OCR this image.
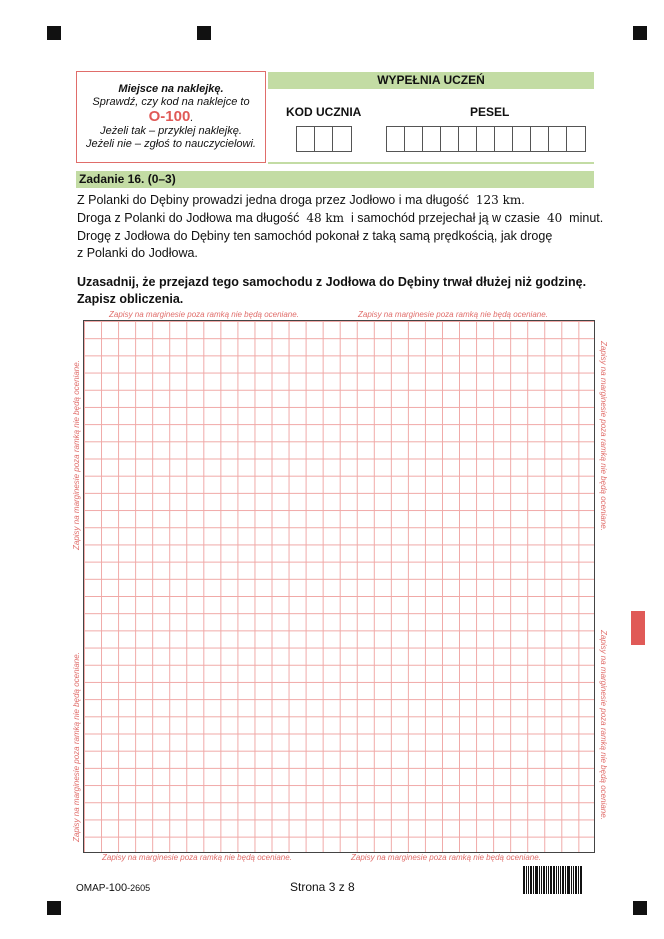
Miejsce na naklejkę.
Sprawdź, czy kod na naklejce to
O-100.
Jeżeli tak – przyklej naklejkę.
Jeżeli nie – zgłoś to nauczycielowi.
WYPEŁNIA UCZEŃ
KOD UCZNIA	PESEL
Zadanie 16. (0–3)
Z Polanki do Dębiny prowadzi jedna droga przez Jodłowo i ma długość 123 km.
Droga z Polanki do Jodłowa ma długość 48 km i samochód przejechał ją w czasie 40 minut.
Drogę z Jodłowa do Dębiny ten samochód pokonał z taką samą prędkością, jak drogę
z Polanki do Jodłowa.
Uzasadnij, że przejazd tego samochodu z Jodłowa do Dębiny trwał dłużej niż godzinę.
Zapisz obliczenia.
Zapisy na marginesie poza ramką nie będą oceniane.	Zapisy na marginesie poza ramką nie będą oceniane.
Zapisy na marginesie poza ramką nie będą oceniane.	Zapisy na marginesie poza ramką nie będą oceniane.
Zapisy na marginesie poza ramką nie będą oceniane.
Zapisy na marginesie poza ramką nie będą oceniane.
Zapisy na marginesie poza ramką nie będą oceniane.
Zapisy na marginesie poza ramką nie będą oceniane.
OMAP-100-2605	Strona 3 z 8
